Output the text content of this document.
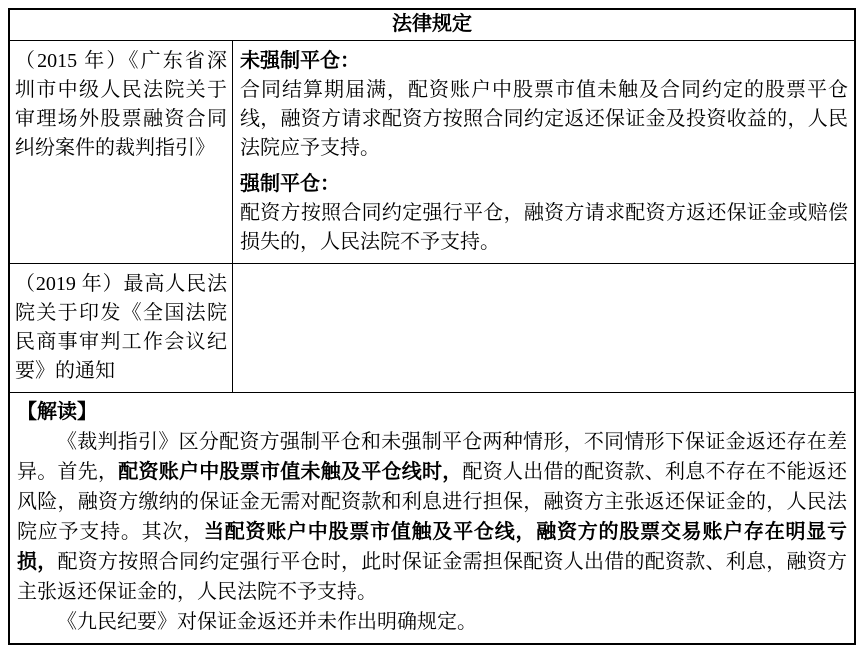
法律规定
（2015 年）《广东省深圳市中级人民法院关于审理场外股票融资合同纠纷案件的裁判指引》
未强制平仓：
合同结算期届满，配资账户中股票市值未触及合同约定的股票平仓线，融资方请求配资方按照合同约定返还保证金及投资收益的，人民法院应予支持。
强制平仓：
配资方按照合同约定强行平仓，融资方请求配资方返还保证金或赔偿损失的，人民法院不予支持。
（2019 年）最高人民法院关于印发《全国法院民商事审判工作会议纪要》的通知
【解读】

《裁判指引》区分配资方强制平仓和未强制平仓两种情形，不同情形下保证金返还存在差异。首先，配资账户中股票市值未触及平仓线时，配资人出借的配资款、利息不存在不能返还风险，融资方缴纳的保证金无需对配资款和利息进行担保，融资方主张返还保证金的，人民法院应予支持。其次，当配资账户中股票市值触及平仓线，融资方的股票交易账户存在明显亏损，配资方按照合同约定强行平仓时，此时保证金需担保配资人出借的配资款、利息，融资方主张返还保证金的，人民法院不予支持。

《九民纪要》对保证金返还并未作出明确规定。
